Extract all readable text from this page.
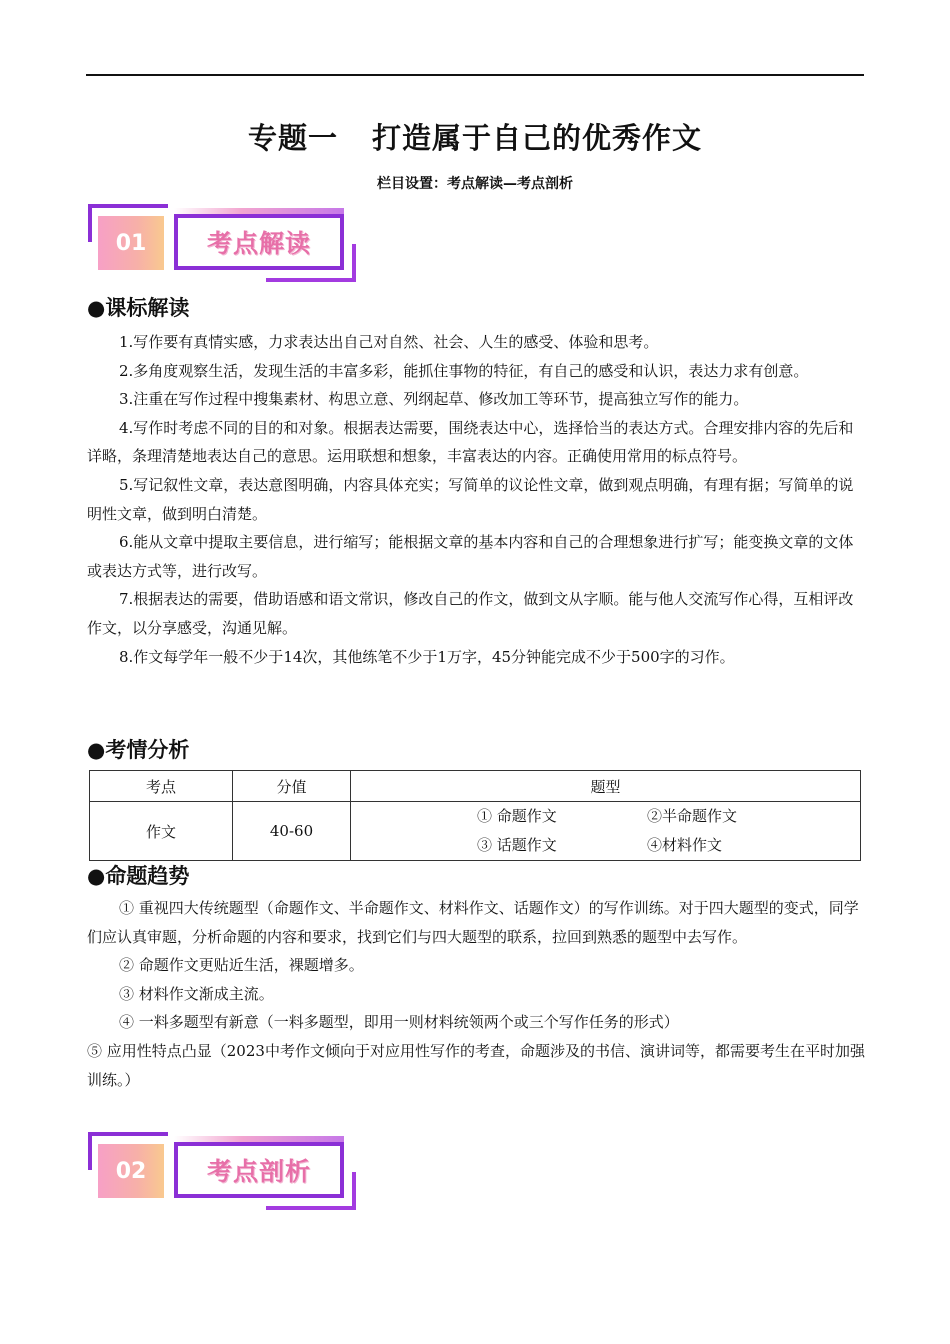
专题一 打造属于自己的优秀作文
栏目设置：考点解读—考点剖析
01	考点解读
●课标解读

1.写作要有真情实感，力求表达出自己对自然、社会、人生的感受、体验和思考。

2.多角度观察生活，发现生活的丰富多彩，能抓住事物的特征，有自己的感受和认识，表达力求有创意。

3.注重在写作过程中搜集素材、构思立意、列纲起草、修改加工等环节，提高独立写作的能力。

4.写作时考虑不同的目的和对象。根据表达需要，围绕表达中心，选择恰当的表达方式。合理安排内容的先后和详略，条理清楚地表达自己的意思。运用联想和想象，丰富表达的内容。正确使用常用的标点符号。

5.写记叙性文章，表达意图明确，内容具体充实；写简单的议论性文章，做到观点明确，有理有据；写简单的说明性文章，做到明白清楚。

6.能从文章中提取主要信息，进行缩写；能根据文章的基本内容和自己的合理想象进行扩写；能变换文章的文体或表达方式等，进行改写。

7.根据表达的需要，借助语感和语文常识，修改自己的作文，做到文从字顺。能与他人交流写作心得，互相评改作文，以分享感受，沟通见解。

8.作文每学年一般不少于14次，其他练笔不少于1万字，45分钟能完成不少于500字的习作。

●考情分析
考点	分值	题型
作文	40-60	① 命题作文 ②半命题作文
③ 话题作文 ④材料作文
●命题趋势

① 重视四大传统题型（命题作文、半命题作文、材料作文、话题作文）的写作训练。对于四大题型的变式，同学们应认真审题，分析命题的内容和要求，找到它们与四大题型的联系，拉回到熟悉的题型中去写作。

② 命题作文更贴近生活，裸题增多。

③ 材料作文渐成主流。

④ 一料多题型有新意（一料多题型，即用一则材料统领两个或三个写作任务的形式）

⑤ 应用性特点凸显（2023中考作文倾向于对应用性写作的考查，命题涉及的书信、演讲词等，都需要考生在平时加强训练。）

02	考点剖析
